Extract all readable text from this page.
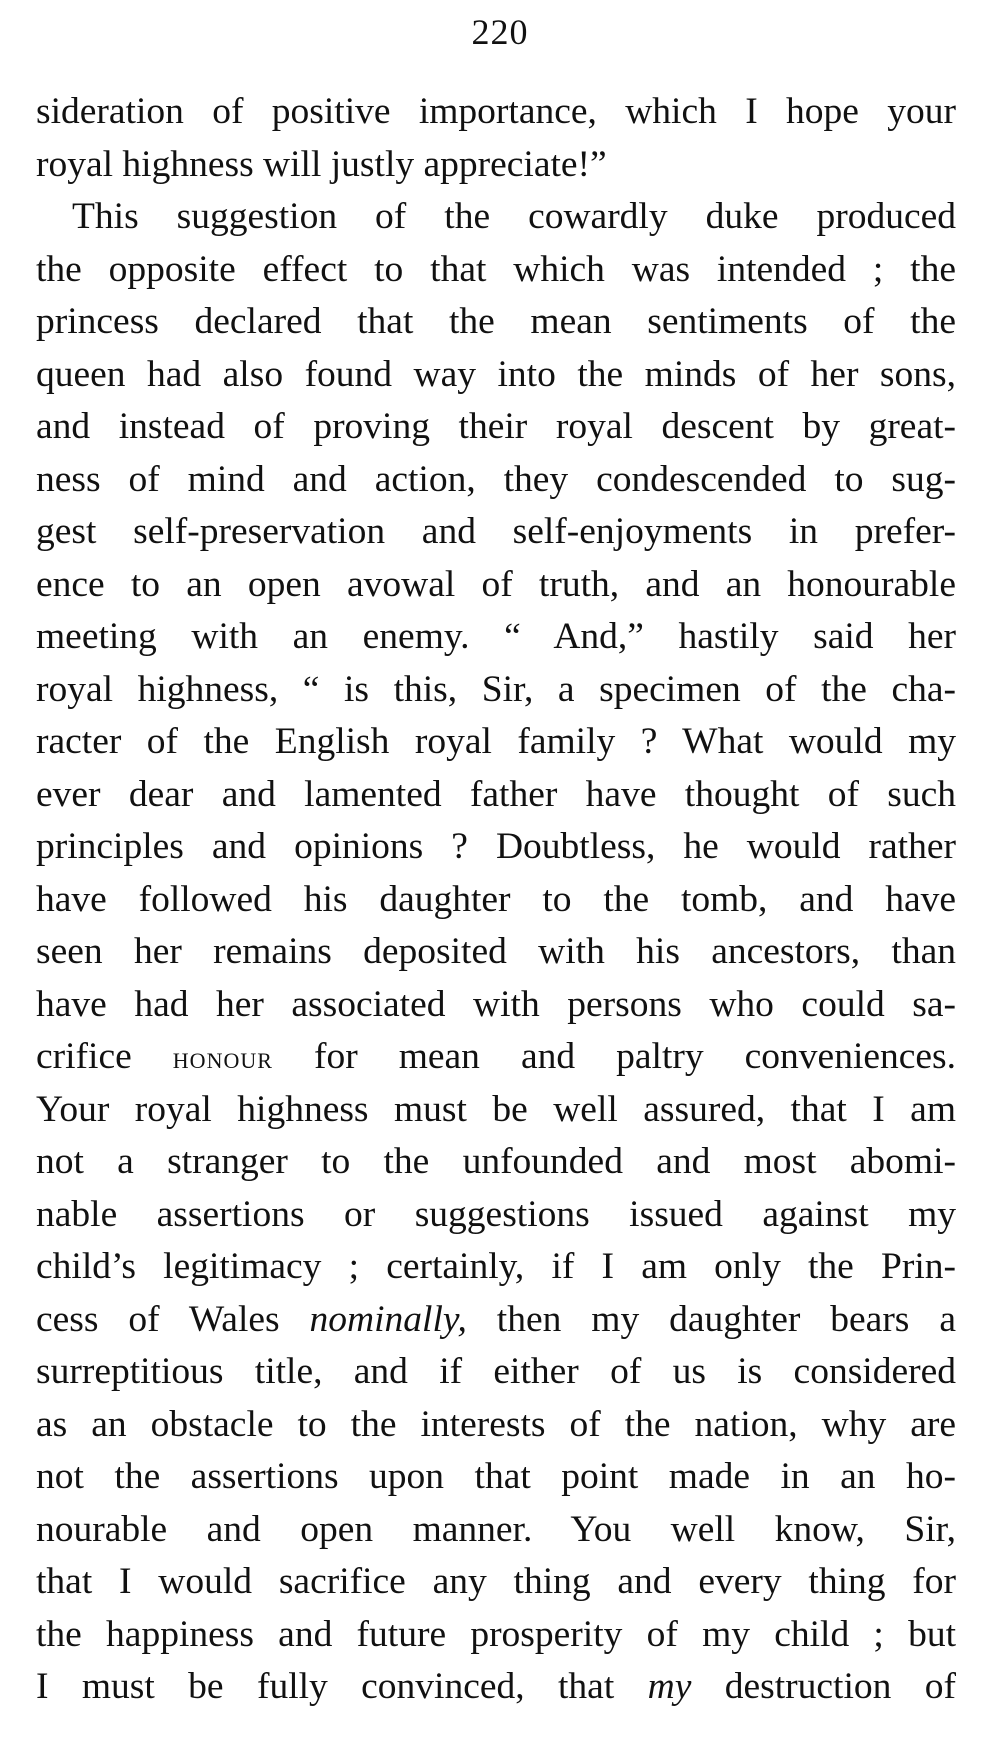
220
sideration of positive importance, which I hope your
royal highness will justly appreciate!”
This suggestion of the cowardly duke produced
the opposite effect to that which was intended ; the
princess declared that the mean sentiments of the
queen had also found way into the minds of her sons,
and instead of proving their royal descent by great-
ness of mind and action, they condescended to sug-
gest self-preservation and self-enjoyments in prefer-
ence to an open avowal of truth, and an honourable
meeting with an enemy. “ And,” hastily said her
royal highness, “ is this, Sir, a specimen of the cha-
racter of the English royal family ? What would my
ever dear and lamented father have thought of such
principles and opinions ? Doubtless, he would rather
have followed his daughter to the tomb, and have
seen her remains deposited with his ancestors, than
have had her associated with persons who could sa-
crifice honour for mean and paltry conveniences.
Your royal highness must be well assured, that I am
not a stranger to the unfounded and most abomi-
nable assertions or suggestions issued against my
child’s legitimacy ; certainly, if I am only the Prin-
cess of Wales nominally, then my daughter bears a
surreptitious title, and if either of us is considered
as an obstacle to the interests of the nation, why are
not the assertions upon that point made in an ho-
nourable and open manner. You well know, Sir,
that I would sacrifice any thing and every thing for
the happiness and future prosperity of my child ; but
I must be fully convinced, that my destruction of
